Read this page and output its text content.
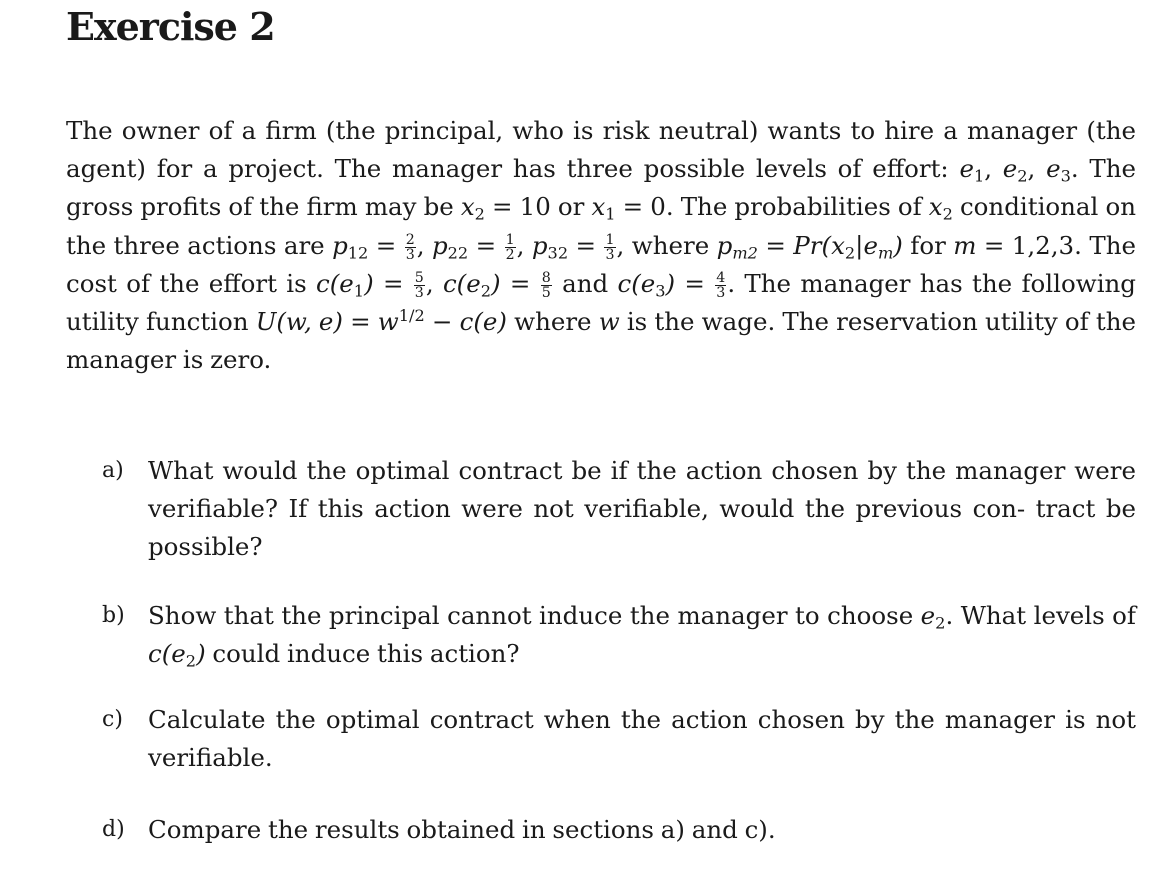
Exercise 2

The owner of a firm (the principal, who is risk neutral) wants to hire a manager (the agent) for a project. The manager has three possible levels of effort: $e_1$, $e_2$, $e_3$. The gross profits of the firm may be $x_2 = 10$ or $x_1 = 0$. The probabilities of $x_2$ conditional on the three actions are $p_{12} = \frac{2}{3}$ , $p_{22} = \frac{1}{2}$ , $p_{32} = \frac{1}{3}$ , where $pm2 = Pr(x_2|em)$ for m = 1,2,3. The cost of the effort is $c(e_1) = \frac{5}{3}$ , $c(e_2) = \frac{8}{5}$ and $c(e_3) = \frac{4}{3}$ . The manager has the following utility function U(w, $e) = w^{1/2} - c(e)$ where w is the wage. The reservation utility of the manager is zero.

a) What would the optimal contract be if the action chosen by the manager were verifiable? If this action were not verifiable, would the previous con- tract be possible?
b) Show that the principal cannot induce the manager to choose $e_2$. What levels of $c(e_2)$ could induce this action?
c) Calculate the optimal contract when the action chosen by the manager is not verifiable.
d) Compare the results obtained in sections a) and c).
